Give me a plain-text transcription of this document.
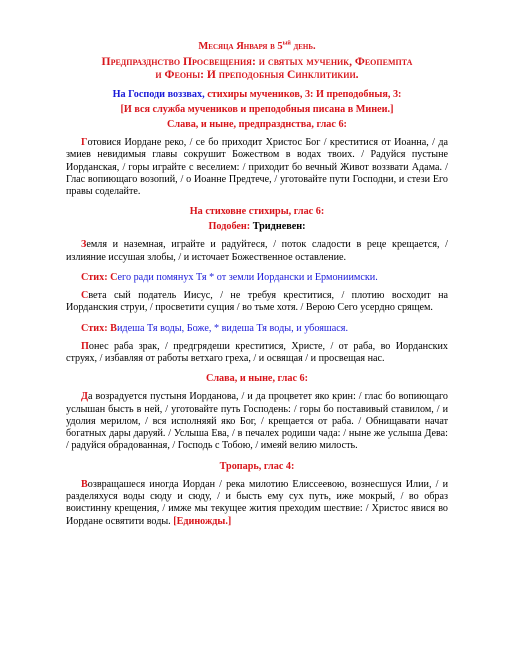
Месяца Января в $5^{ый}$ день.
Предпразднство Просвещения: и святых мученик, Феопемпта
и Феоны: И преподобныя Синклитикии.
На Господи воззвах, стихиры мучеников, 3: И преподобныя, 3:
[И вся служба мучеников и преподобныя писана в Минеи.]
Слава, и ныне, предпразднства, глас 6:
Готовися Иордане реко, / се бо приходит Христос Бог / креститися от Иоанна, / да змиев невидимыя главы сокрушит Божеством в водах твоих. / Радуйся пустыне Иорданская, / горы играйте с веселием: / приходит бо вечный Живот воззвати Адама. / Глас вопиющаго возопий, / о Иоанне Предтече, / уготовайте пути Господни, и стези Его правы соделайте.
На стиховне стихиры, глас 6:
Подобен: Тридневен:
Земля и наземная, играйте и радуйтеся, / поток сладости в реце крещается, / излияние иссушая злобы, / и источает Божественное оставление.
Стих: Сего ради помянух Тя * от земли Иордански и Ермониимски.
Света сый податель Иисус, / не требуя креститися, / плотию восходит на Иорданския струи, / просветити сущия / во тьме хотя. / Верою Сего усердно срящем.
Стих: Видеша Тя воды, Боже, * видеша Тя воды, и убояшася.
Понес раба зрак, / предгрядеши креститися, Христе, / от раба, во Иорданских струях, / избавляя от работы ветхаго греха, / и освящая / и просвещая нас.
Слава, и ныне, глас 6:
Да возрадуется пустыня Иорданова, / и да процветет яко крин: / глас бо вопиющаго услышан бысть в ней, / уготовайте путь Господень: / горы бо поставивый ставилом, / и удолия мерилом, / вся исполняяй яко Бог, / крещается от раба. / Обнищавати начат богатных дары даруяй. / Услыша Ева, / в печалех родиши чада: / ныне же услыша Дева: / радуйся обрадованная, / Господь с Тобою, / имеяй велию милость.
Тропарь, глас 4:
Возвращашеся иногда Иордан / река милотию Елиссеевою, вознесшуся Илии, / и разделяхуся воды сюду и сюду, / и бысть ему сух путь, иже мокрый, / во образ воистинну крещения, / имже мы текущее жития преходим шествие: / Христос явися во Иордане освятити воды. [Единожды.]
